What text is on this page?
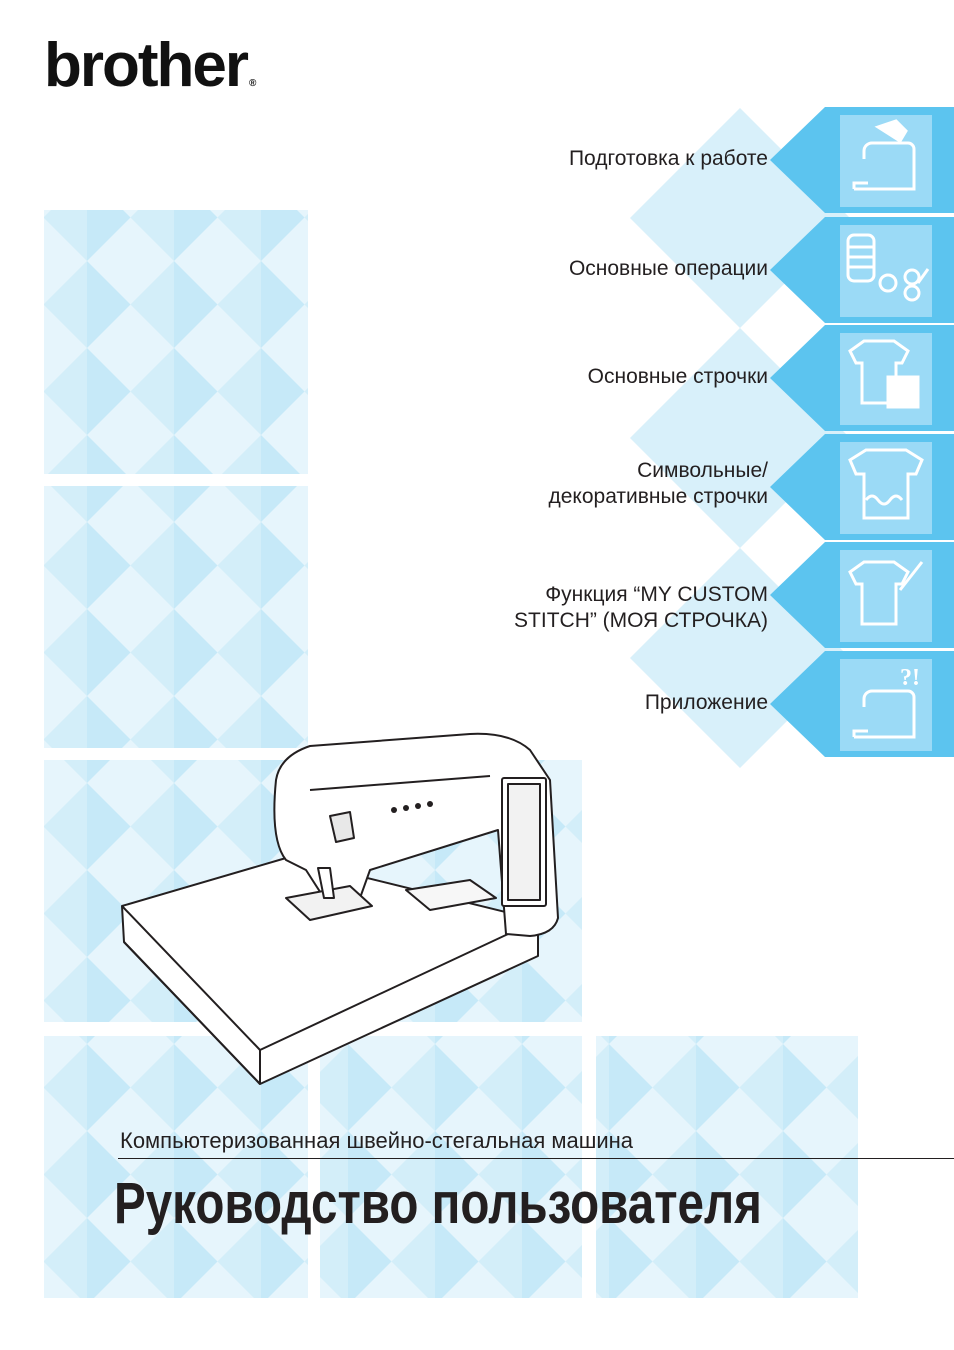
brother ®
Подготовка к работе
Основные операции
Основные строчки
Символьные/
декоративные строчки
Функция “MY CUSTOM
STITCH” (МОЯ СТРОЧКА)
Приложение
?!
Компьютеризованная швейно-стегальная машина
Руководство пользователя
